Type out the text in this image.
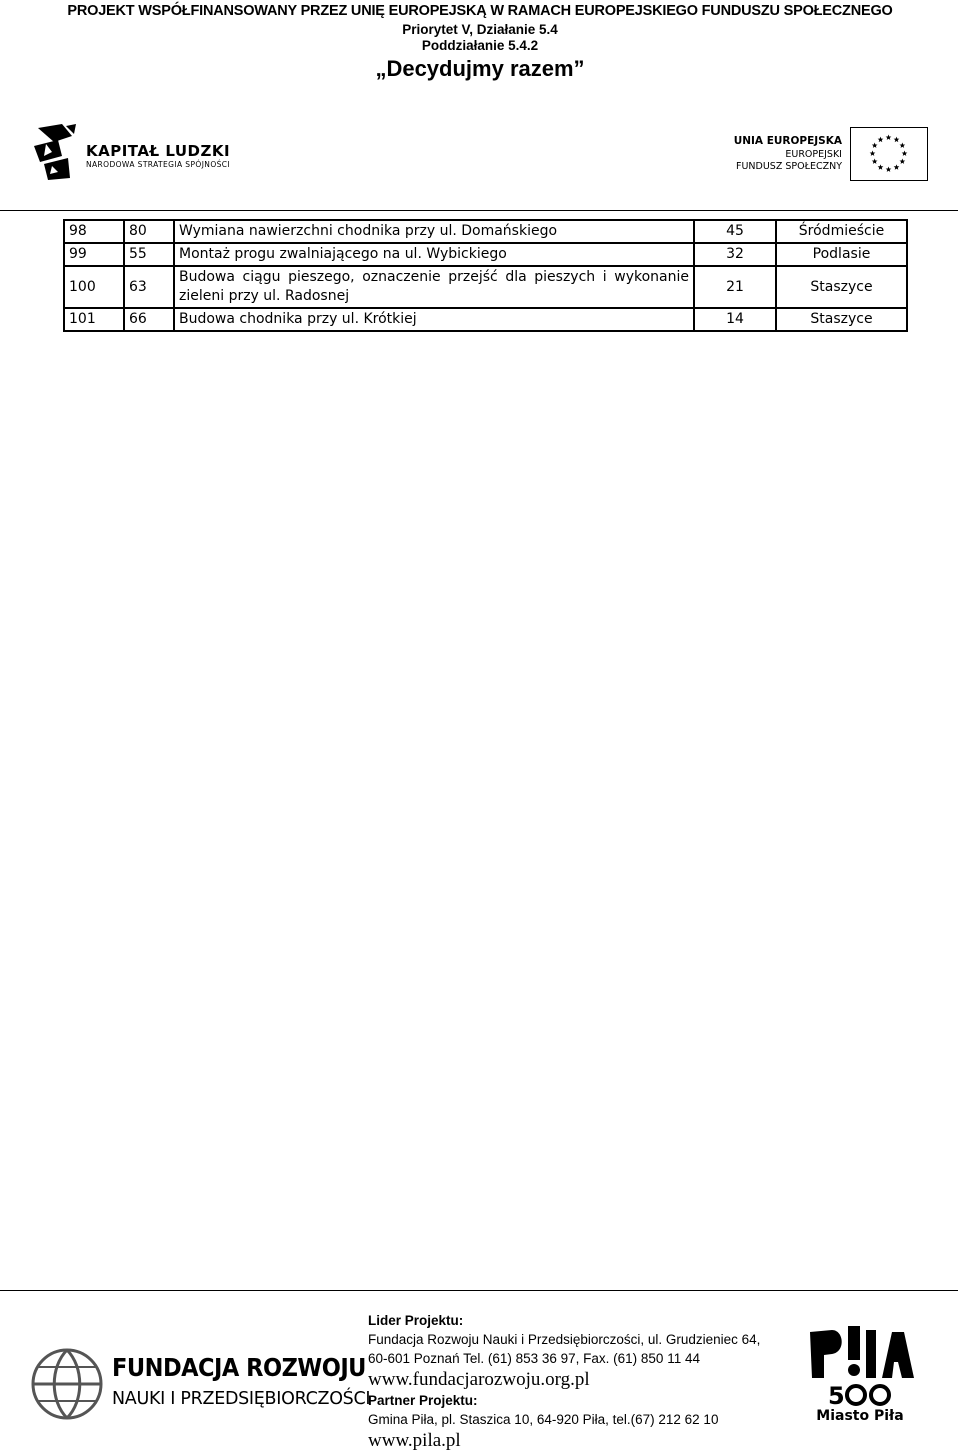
PROJEKT WSPÓŁFINANSOWANY PRZEZ UNIĘ EUROPEJSKĄ W RAMACH EUROPEJSKIEGO FUNDUSZU SPOŁECZNEGO
Priorytet V, Działanie 5.4
Poddziałanie 5.4.2
„Decydujmy razem”
KAPITAŁ LUDZKI
NARODOWA STRATEGIA SPÓJNOŚCI
UNIA EUROPEJSKA
EUROPEJSKI
FUNDUSZ SPOŁECZNY
98	80	Wymiana nawierzchni chodnika przy ul. Domańskiego	45	Śródmieście
99	55	Montaż progu zwalniającego na ul. Wybickiego	32	Podlasie
100	63	Budowa ciągu pieszego, oznaczenie przejść dla pieszych i wykonanie zieleni przy ul. Radosnej	21	Staszyce
101	66	Budowa chodnika przy ul. Krótkiej	14	Staszyce
FUNDACJA ROZWOJU
NAUKI I PRZEDSIĘBIORCZOŚCI
Lider Projektu:
Fundacja Rozwoju Nauki i Przedsiębiorczości, ul. Grudzieniec 64,
60-601 Poznań Tel. (61) 853 36 97, Fax. (61) 850 11 44
www.fundacjarozwoju.org.pl
Partner Projektu:
Gmina Piła, pl. Staszica 10, 64-920 Piła, tel.(67) 212 62 10
www.pila.pl
5
Miasto Piła
